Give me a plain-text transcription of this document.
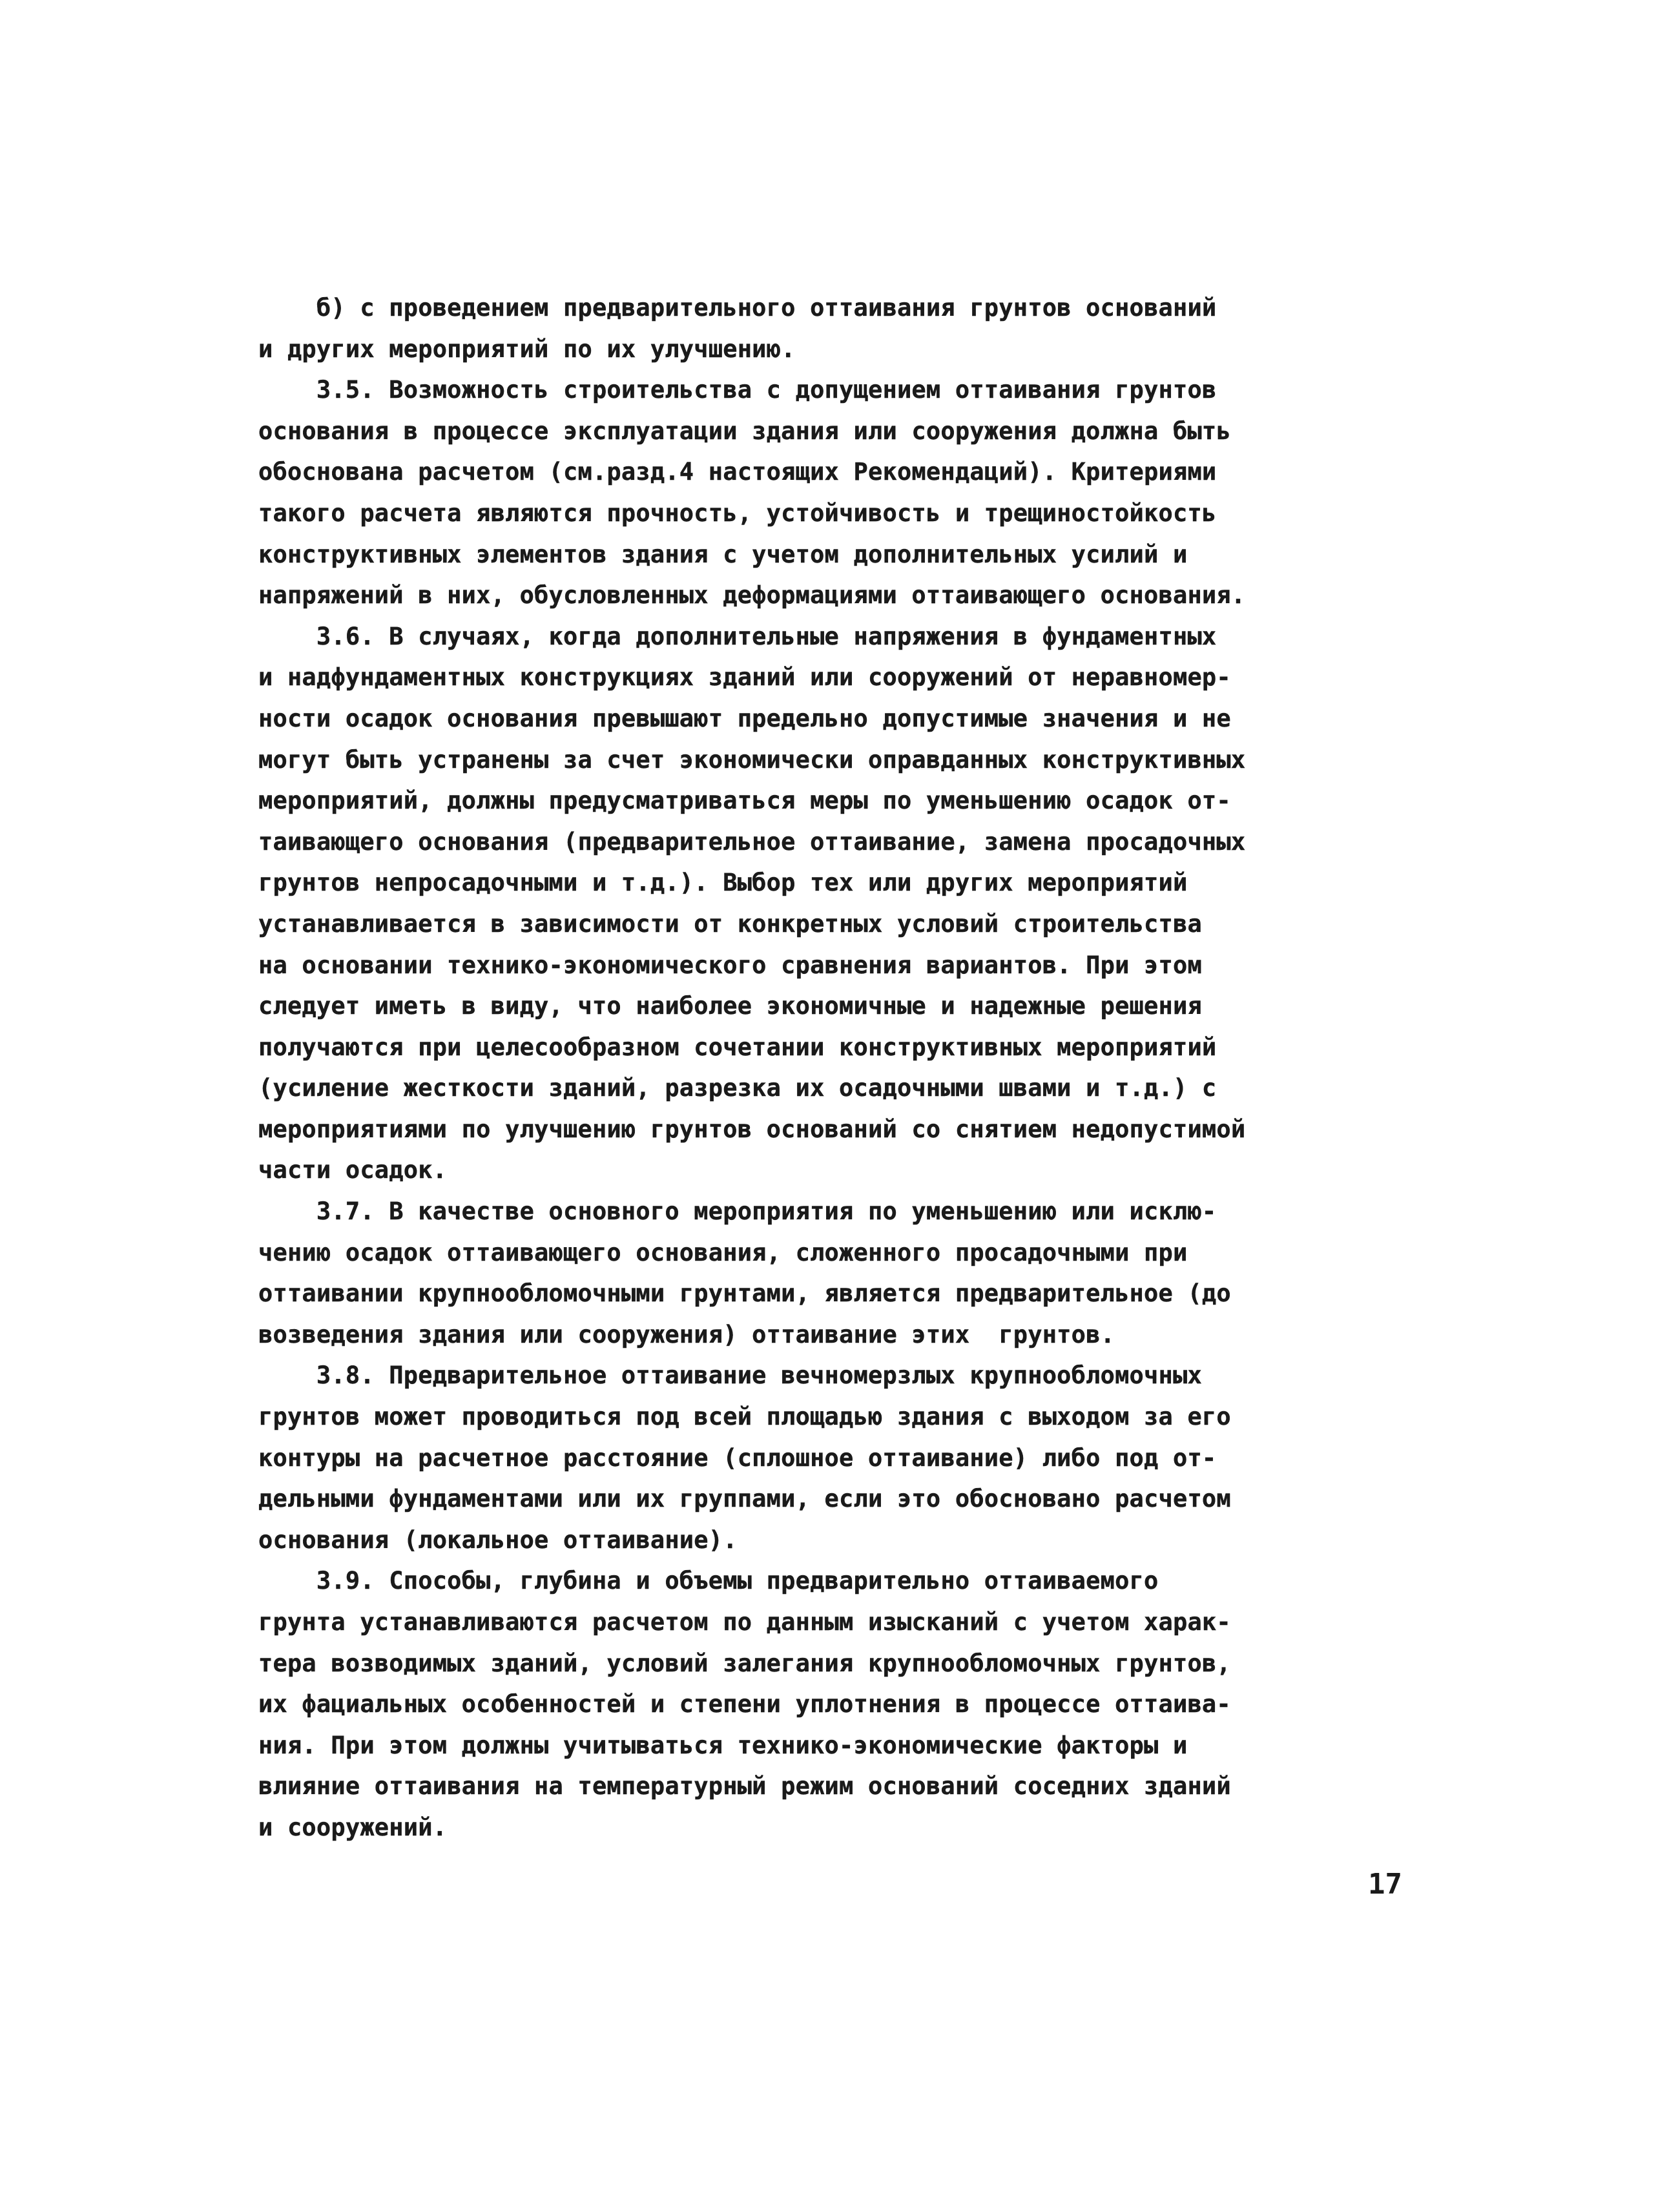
б) с проведением предварительного оттаивания грунтов оснований
и других мероприятий по их улучшению.
3.5. Возможность строительства с допущением оттаивания грунтов
основания в процессе эксплуатации здания или сооружения должна быть
обоснована расчетом (см.разд.4 настоящих Рекомендаций). Критериями
такого расчета являются прочность, устойчивость и трещиностойкость
конструктивных элементов здания с учетом дополнительных усилий и
напряжений в них, обусловленных деформациями оттаивающего основания.
3.6. В случаях, когда дополнительные напряжения в фундаментных
и надфундаментных конструкциях зданий или сооружений от неравномер-
ности осадок основания превышают предельно допустимые значения и не
могут быть устранены за счет экономически оправданных конструктивных
мероприятий, должны предусматриваться меры по уменьшению осадок от-
таивающего основания (предварительное оттаивание, замена просадочных
грунтов непросадочными и т.д.). Выбор тех или других мероприятий
устанавливается в зависимости от конкретных условий строительства
на основании технико-экономического сравнения вариантов. При этом
следует иметь в виду, что наиболее экономичные и надежные решения
получаются при целесообразном сочетании конструктивных мероприятий
(усиление жесткости зданий, разрезка их осадочными швами и т.д.) с
мероприятиями по улучшению грунтов оснований со снятием недопустимой
части осадок.
3.7. В качестве основного мероприятия по уменьшению или исклю-
чению осадок оттаивающего основания, сложенного просадочными при
оттаивании крупнообломочными грунтами, является предварительное (до
возведения здания или сооружения) оттаивание этих  грунтов.
3.8. Предварительное оттаивание вечномерзлых крупнообломочных
грунтов может проводиться под всей площадью здания с выходом за его
контуры на расчетное расстояние (сплошное оттаивание) либо под от-
дельными фундаментами или их группами, если это обосновано расчетом
основания (локальное оттаивание).
3.9. Способы, глубина и объемы предварительно оттаиваемого
грунта устанавливаются расчетом по данным изысканий с учетом харак-
тера возводимых зданий, условий залегания крупнообломочных грунтов,
их фациальных особенностей и степени уплотнения в процессе оттаива-
ния. При этом должны учитываться технико-экономические факторы и
влияние оттаивания на температурный режим оснований соседних зданий
и сооружений.
17
